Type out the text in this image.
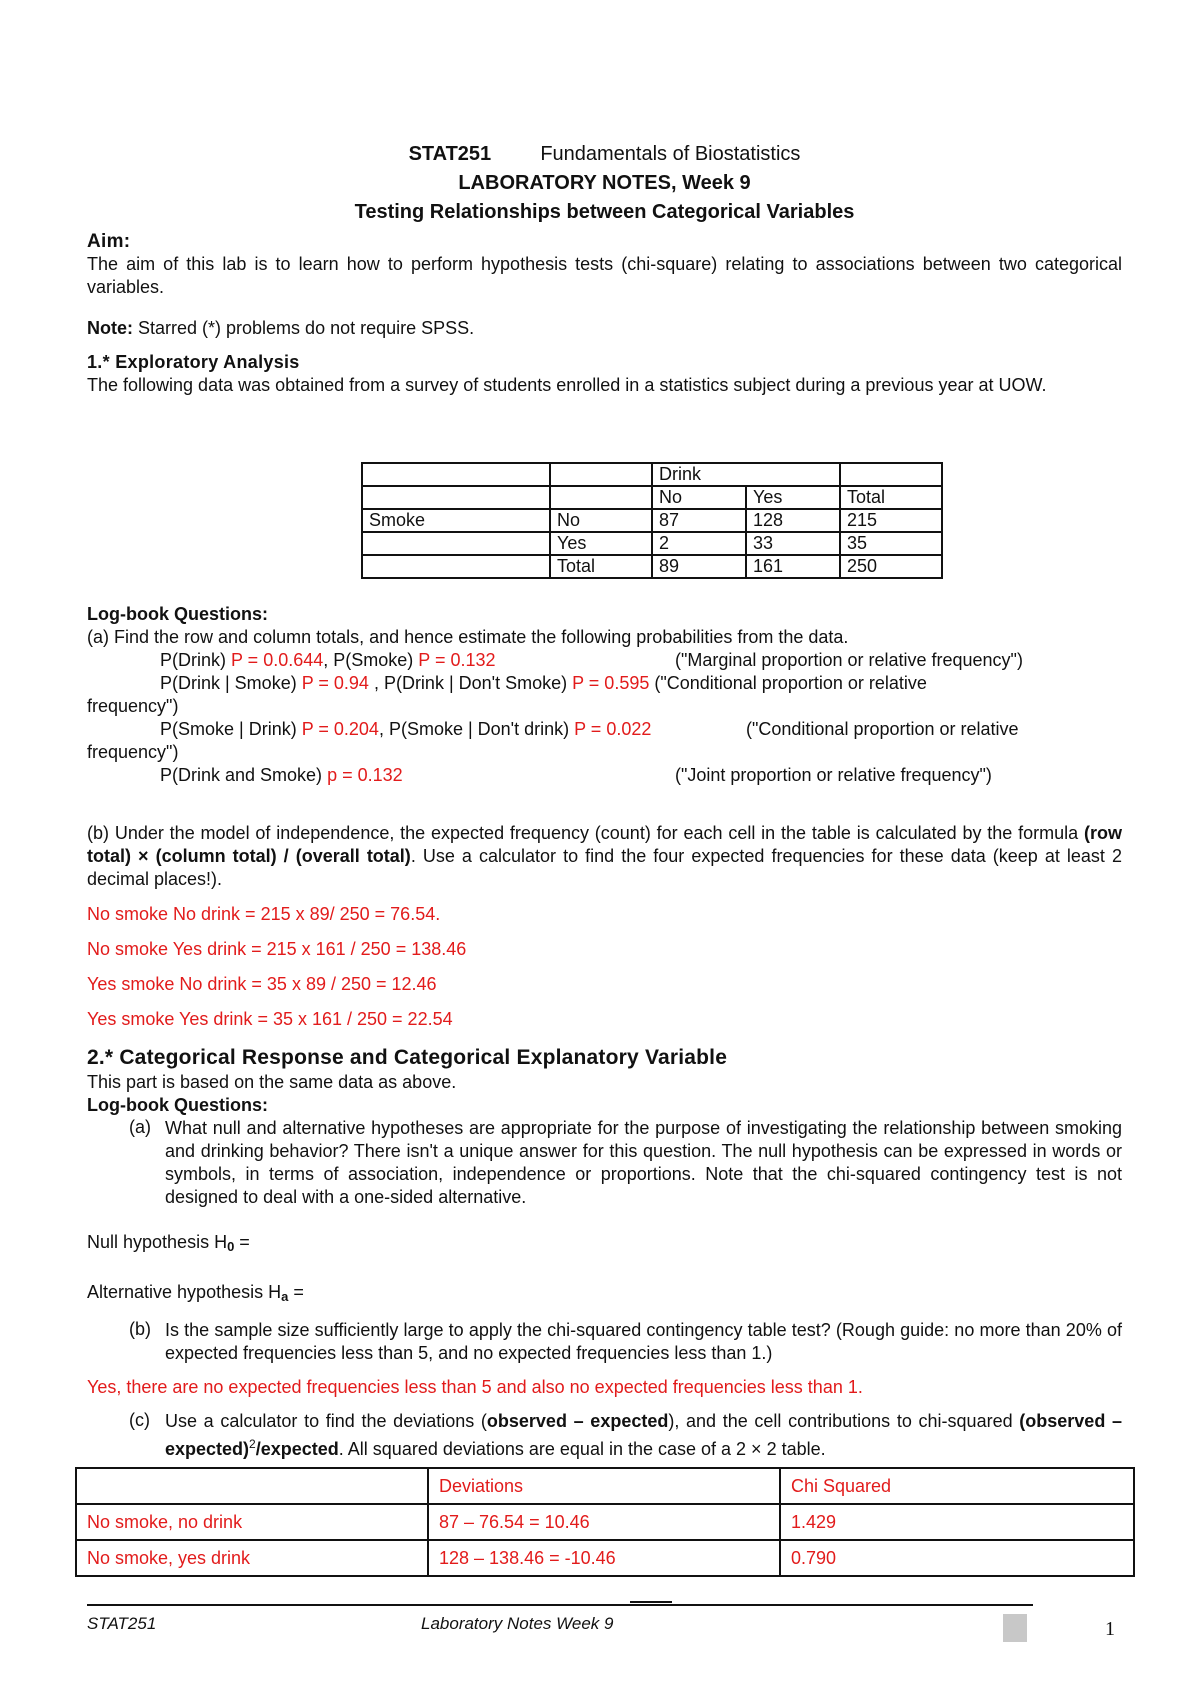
STAT251 Fundamentals of Biostatistics
LABORATORY NOTES, Week 9
Testing Relationships between Categorical Variables
Aim:

The aim of this lab is to learn how to perform hypothesis tests (chi-square) relating to associations between two categorical variables.

Note: Starred (*) problems do not require SPSS.

1.* Exploratory Analysis

The following data was obtained from a survey of students enrolled in a statistics subject during a previous year at UOW.

		Drink		
		No	Yes	Total
Smoke	No	87	128	215
	Yes	2	33	35
	Total	89	161	250

Log-book Questions:

(a) Find the row and column totals, and hence estimate the following probabilities from the data.

P(Drink) P = 0.0.644, P(Smoke) P = 0.132	("Marginal proportion or relative frequency")

P(Drink | Smoke) P = 0.94 , P(Drink | Don't Smoke) P = 0.595 ("Conditional proportion or relative

frequency")

P(Smoke | Drink) P = 0.204, P(Smoke | Don't drink) P = 0.022	("Conditional proportion or relative

frequency")

P(Drink and Smoke) p = 0.132	("Joint proportion or relative frequency")

(b) Under the model of independence, the expected frequency (count) for each cell in the table is calculated by the formula (row total) × (column total) / (overall total). Use a calculator to find the four expected frequencies for these data (keep at least 2 decimal places!).

No smoke No drink = 215 x 89/ 250 = 76.54.

No smoke Yes drink = 215 x 161 / 250 = 138.46

Yes smoke No drink = 35 x 89 / 250 = 12.46

Yes smoke Yes drink = 35 x 161 / 250 = 22.54

2.* Categorical Response and Categorical Explanatory Variable

This part is based on the same data as above.

Log-book Questions:

(a) What null and alternative hypotheses are appropriate for the purpose of investigating the relationship between smoking and drinking behavior? There isn't a unique answer for this question. The null hypothesis can be expressed in words or symbols, in terms of association, independence or proportions. Note that the chi-squared contingency test is not designed to deal with a one-sided alternative.

Null hypothesis $H_0$ =

Alternative hypothesis $H_a$ =

(b) Is the sample size sufficiently large to apply the chi-squared contingency table test? (Rough guide: no more than 20% of expected frequencies less than 5, and no expected frequencies less than 1.)

Yes, there are no expected frequencies less than 5 and also no expected frequencies less than 1.

(c) Use a calculator to find the deviations (observed – expected), and the cell contributions to chi-squared (observed – expected)$^2$/expected. All squared deviations are equal in the case of a 2 × 2 table.

	Deviations	Chi Squared
No smoke, no drink	87 – 76.54 = 10.46	1.429
No smoke, yes drink	128 – 138.46 = -10.46	0.790
STAT251	Laboratory Notes Week 9	1
